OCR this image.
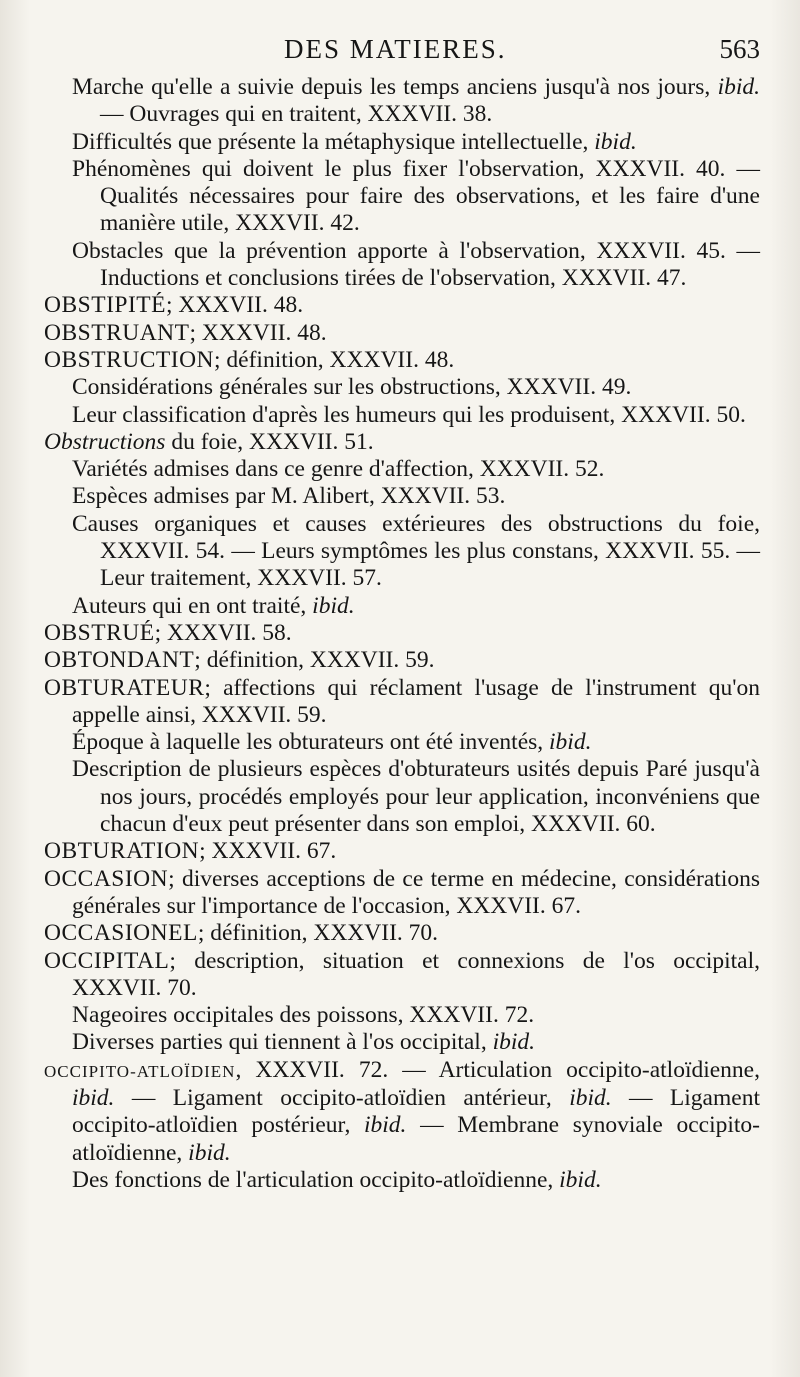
DES MATIERES.	563
Marche qu'elle a suivie depuis les temps anciens jusqu'à nos jours, ibid. — Ouvrages qui en traitent, XXXVII. 38.
Difficultés que présente la métaphysique intellectuelle, ibid.
Phénomènes qui doivent le plus fixer l'observation, XXXVII. 40. — Qualités nécessaires pour faire des observations, et les faire d'une manière utile, XXXVII. 42.
Obstacles que la prévention apporte à l'observation, XXXVII. 45. — Inductions et conclusions tirées de l'observation, XXXVII. 47.
OBSTIPITÉ; XXXVII. 48.
OBSTRUANT; XXXVII. 48.
OBSTRUCTION; définition, XXXVII. 48.
Considérations générales sur les obstructions, XXXVII. 49.
Leur classification d'après les humeurs qui les produisent, XXXVII. 50.
Obstructions du foie, XXXVII. 51.
Variétés admises dans ce genre d'affection, XXXVII. 52.
Espèces admises par M. Alibert, XXXVII. 53.
Causes organiques et causes extérieures des obstructions du foie, XXXVII. 54. — Leurs symptômes les plus constans, XXXVII. 55. — Leur traitement, XXXVII. 57.
Auteurs qui en ont traité, ibid.
OBSTRUÉ; XXXVII. 58.
OBTONDANT; définition, XXXVII. 59.
OBTURATEUR; affections qui réclament l'usage de l'instrument qu'on appelle ainsi, XXXVII. 59.
Époque à laquelle les obturateurs ont été inventés, ibid.
Description de plusieurs espèces d'obturateurs usités depuis Paré jusqu'à nos jours, procédés employés pour leur application, inconvéniens que chacun d'eux peut présenter dans son emploi, XXXVII. 60.
OBTURATION; XXXVII. 67.
OCCASION; diverses acceptions de ce terme en médecine, considérations générales sur l'importance de l'occasion, XXXVII. 67.
OCCASIONEL; définition, XXXVII. 70.
OCCIPITAL; description, situation et connexions de l'os occipital, XXXVII. 70.
Nageoires occipitales des poissons, XXXVII. 72.
Diverses parties qui tiennent à l'os occipital, ibid.
OCCIPITO-ATLOÏDIEN, XXXVII. 72. — Articulation occipito-atloïdienne, ibid. — Ligament occipito-atloïdien antérieur, ibid. — Ligament occipito-atloïdien postérieur, ibid. — Membrane synoviale occipito-atloïdienne, ibid.
Des fonctions de l'articulation occipito-atloïdienne, ibid.
